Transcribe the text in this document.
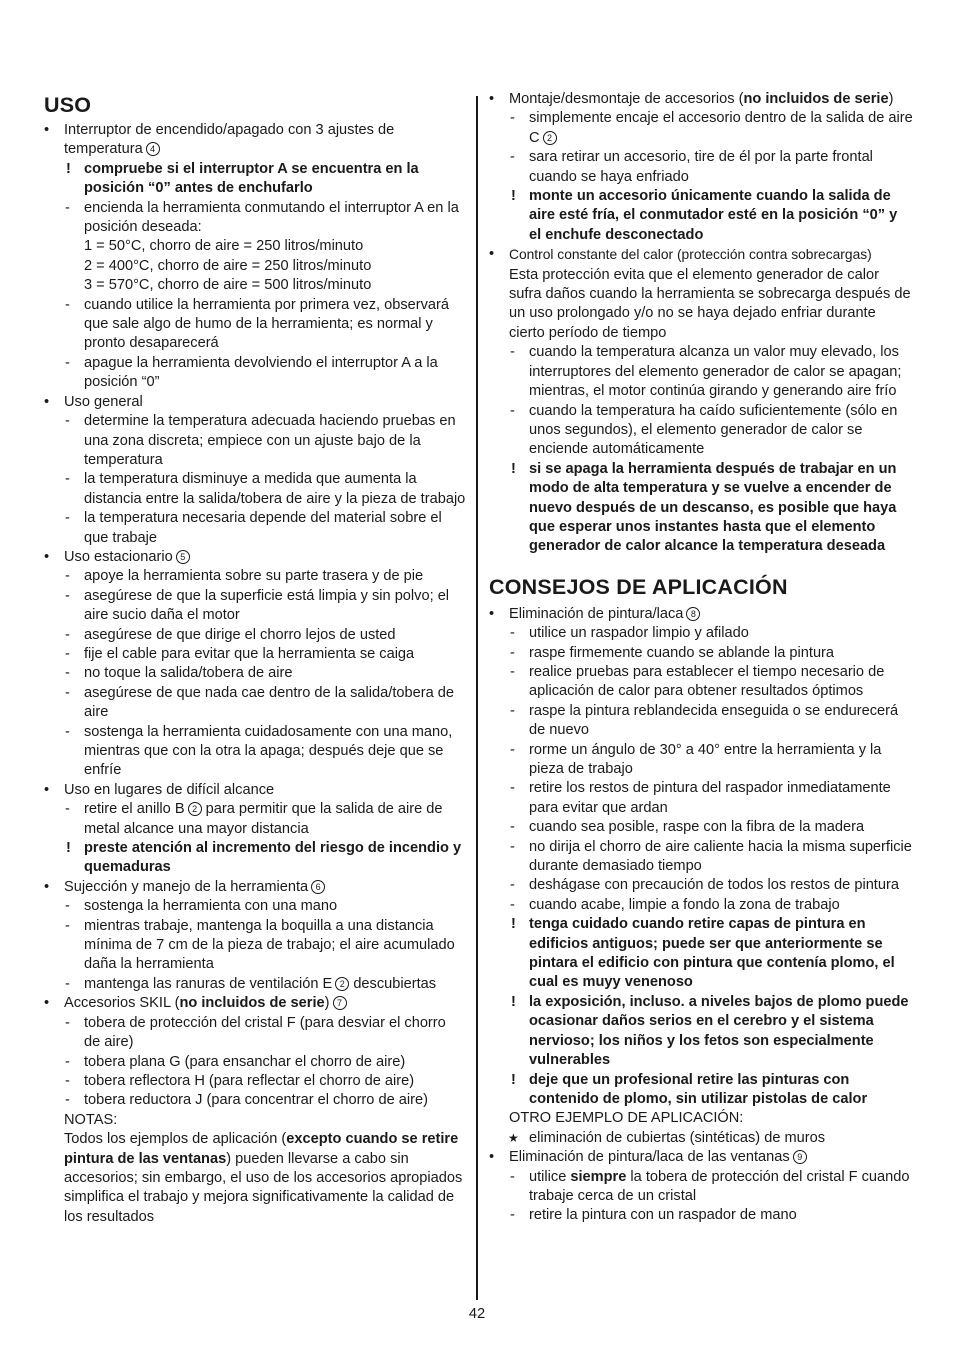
USO
• Interruptor de encendido/apagado con 3 ajustes de temperatura 4
! compruebe si el interruptor A se encuentra en la posición “0” antes de enchufarlo
- encienda la herramienta conmutando el interruptor A en la posición deseada:
1 = 50°C, chorro de aire = 250 litros/minuto
2 = 400°C, chorro de aire = 250 litros/minuto
3 = 570°C, chorro de aire = 500 litros/minuto
- cuando utilice la herramienta por primera vez, observará que sale algo de humo de la herramienta; es normal y pronto desaparecerá
- apague la herramienta devolviendo el interruptor A a la posición “0”
• Uso general
- determine la temperatura adecuada haciendo pruebas en una zona discreta; empiece con un ajuste bajo de la temperatura
- la temperatura disminuye a medida que aumenta la distancia entre la salida/tobera de aire y la pieza de trabajo
- la temperatura necesaria depende del material sobre el que trabaje
• Uso estacionario 5
- apoye la herramienta sobre su parte trasera y de pie
- asegúrese de que la superficie está limpia y sin polvo; el aire sucio daña el motor
- asegúrese de que dirige el chorro lejos de usted
- fije el cable para evitar que la herramienta se caiga
- no toque la salida/tobera de aire
- asegúrese de que nada cae dentro de la salida/tobera de aire
- sostenga la herramienta cuidadosamente con una mano, mientras que con la otra la apaga; después deje que se enfríe
• Uso en lugares de difícil alcance
- retire el anillo B 2 para permitir que la salida de aire de metal alcance una mayor distancia
! preste atención al incremento del riesgo de incendio y quemaduras
• Sujección y manejo de la herramienta 6
- sostenga la herramienta con una mano
- mientras trabaje, mantenga la boquilla a una distancia mínima de 7 cm de la pieza de trabajo; el aire acumulado daña la herramienta
- mantenga las ranuras de ventilación E 2 descubiertas
• Accesorios SKIL (no incluidos de serie) 7
- tobera de protección del cristal F (para desviar el chorro de aire)
- tobera plana G (para ensanchar el chorro de aire)
- tobera reflectora H (para reflectar el chorro de aire)
- tobera reductora J (para concentrar el chorro de aire)
NOTAS:
Todos los ejemplos de aplicación (excepto cuando se retire pintura de las ventanas) pueden llevarse a cabo sin accesorios; sin embargo, el uso de los accesorios apropiados simplifica el trabajo y mejora significativamente la calidad de los resultados
• Montaje/desmontaje de accesorios (no incluidos de serie)
- simplemente encaje el accesorio dentro de la salida de aire C 2
- sara retirar un accesorio, tire de él por la parte frontal cuando se haya enfriado
! monte un accesorio únicamente cuando la salida de aire esté fría, el conmutador esté en la posición “0” y el enchufe desconectado
• Control constante del calor (protección contra sobrecargas)
Esta protección evita que el elemento generador de calor sufra daños cuando la herramienta se sobrecarga después de un uso prolongado y/o no se haya dejado enfriar durante cierto período de tiempo
- cuando la temperatura alcanza un valor muy elevado, los interruptores del elemento generador de calor se apagan; mientras, el motor continúa girando y generando aire frío
- cuando la temperatura ha caído suficientemente (sólo en unos segundos), el elemento generador de calor se enciende automáticamente
! si se apaga la herramienta después de trabajar en un modo de alta temperatura y se vuelve a encender de nuevo después de un descanso, es posible que haya que esperar unos instantes hasta que el elemento generador de calor alcance la temperatura deseada
CONSEJOS DE APLICACIÓN
• Eliminación de pintura/laca 8
- utilice un raspador limpio y afilado
- raspe firmemente cuando se ablande la pintura
- realice pruebas para establecer el tiempo necesario de aplicación de calor para obtener resultados óptimos
- raspe la pintura reblandecida enseguida o se endurecerá de nuevo
- rorme un ángulo de 30° a 40° entre la herramienta y la pieza de trabajo
- retire los restos de pintura del raspador inmediatamente para evitar que ardan
- cuando sea posible, raspe con la fibra de la madera
- no dirija el chorro de aire caliente hacia la misma superficie durante demasiado tiempo
- deshágase con precaución de todos los restos de pintura
- cuando acabe, limpie a fondo la zona de trabajo
! tenga cuidado cuando retire capas de pintura en edificios antiguos; puede ser que anteriormente se pintara el edificio con pintura que contenía plomo, el cual es muyy venenoso
! la exposición, incluso. a niveles bajos de plomo puede ocasionar daños serios en el cerebro y el sistema nervioso; los niños y los fetos son especialmente vulnerables
! deje que un profesional retire las pinturas con contenido de plomo, sin utilizar pistolas de calor
OTRO EJEMPLO DE APLICACIÓN:
★ eliminación de cubiertas (sintéticas) de muros
• Eliminación de pintura/laca de las ventanas 9
- utilice siempre la tobera de protección del cristal F cuando trabaje cerca de un cristal
- retire la pintura con un raspador de mano
42
